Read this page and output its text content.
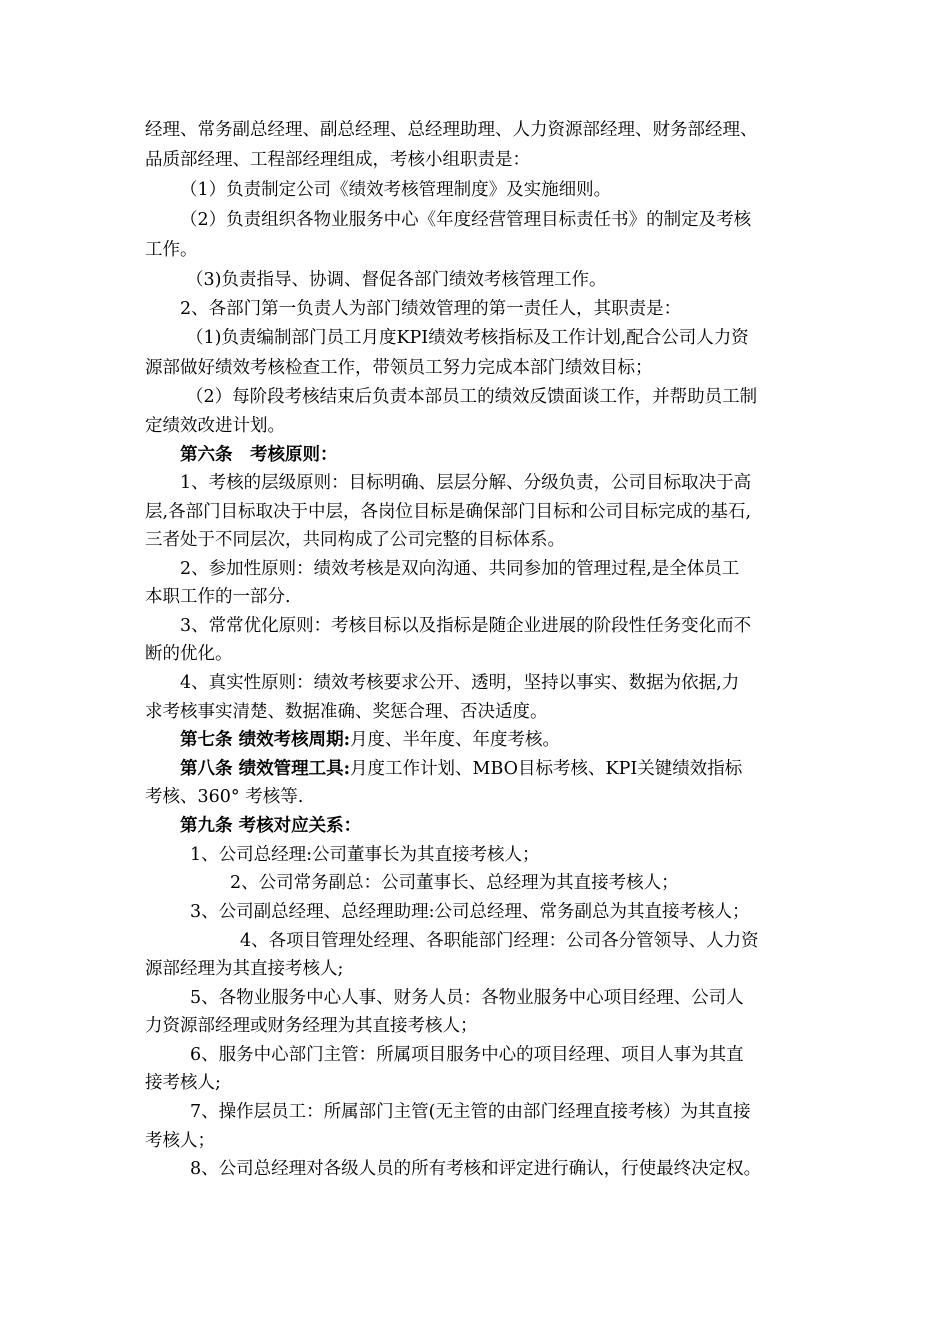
经理、常务副总经理、副总经理、总经理助理、人力资源部经理、财务部经理、
品质部经理、工程部经理组成，考核小组职责是：
（1）负责制定公司《绩效考核管理制度》及实施细则。
（2）负责组织各物业服务中心《年度经营管理目标责任书》的制定及考核
工作。
（3)负责指导、协调、督促各部门绩效考核管理工作。
2、各部门第一负责人为部门绩效管理的第一责任人，其职责是：
（1)负责编制部门员工月度KPI绩效考核指标及工作计划,配合公司人力资
源部做好绩效考核检查工作，带领员工努力完成本部门绩效目标；
（2）每阶段考核结束后负责本部员工的绩效反馈面谈工作，并帮助员工制
定绩效改进计划。
第六条　考核原则：
1、考核的层级原则：目标明确、层层分解、分级负责，公司目标取决于高
层,各部门目标取决于中层，各岗位目标是确保部门目标和公司目标完成的基石,
三者处于不同层次，共同构成了公司完整的目标体系。
2、参加性原则：绩效考核是双向沟通、共同参加的管理过程,是全体员工
本职工作的一部分.
3、常常优化原则：考核目标以及指标是随企业进展的阶段性任务变化而不
断的优化。
4、真实性原则：绩效考核要求公开、透明，坚持以事实、数据为依据,力
求考核事实清楚、数据准确、奖惩合理、否决适度。
第七条 绩效考核周期:月度、半年度、年度考核。
第八条 绩效管理工具:月度工作计划、MBO目标考核、KPI关键绩效指标
考核、360° 考核等.
第九条 考核对应关系：
1、公司总经理:公司董事长为其直接考核人；
2、公司常务副总：公司董事长、总经理为其直接考核人；
3、公司副总经理、总经理助理:公司总经理、常务副总为其直接考核人；
4、各项目管理处经理、各职能部门经理：公司各分管领导、人力资
源部经理为其直接考核人;
5、各物业服务中心人事、财务人员：各物业服务中心项目经理、公司人
力资源部经理或财务经理为其直接考核人；
6、服务中心部门主管：所属项目服务中心的项目经理、项目人事为其直
接考核人;
7、操作层员工：所属部门主管(无主管的由部门经理直接考核）为其直接
考核人；
8、公司总经理对各级人员的所有考核和评定进行确认，行使最终决定权。
